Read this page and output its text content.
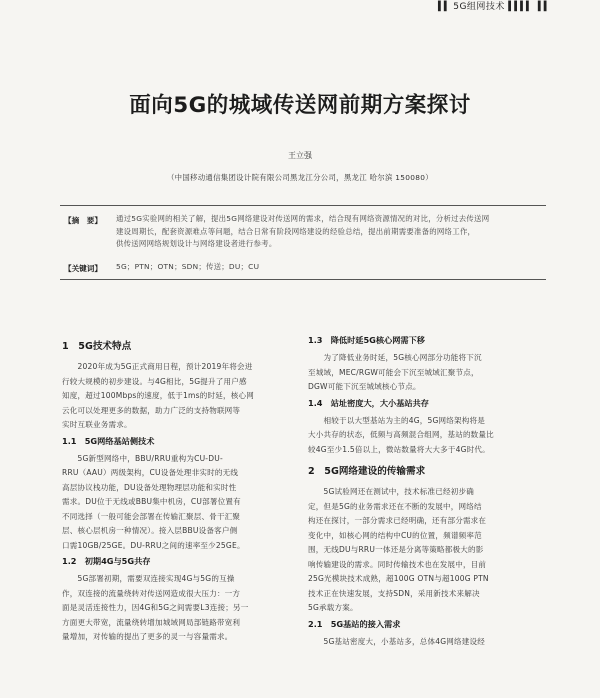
▌▌ 5G组网技术 ▌▌▌▌ ▌▌
面向5G的城域传送网前期方案探讨
王立强
（中国移动通信集团设计院有限公司黑龙江分公司，黑龙江 哈尔滨 150080）
【摘　要】 通过5G实验网的相关了解，提出5G网络建设对传送网的需求，结合现有网络资源情况的对比，分析过去传送网
建设周期长，配套资源难点等问题，结合日常有阶段网络建设的经验总结，提出前期需要准备的网络工作，
供传送网网络规划设计与网络建设者进行参考。
【关键词】 5G；PTN；OTN；SDN；传送；DU；CU
1　5G技术特点
　　2020年成为5G正式商用日程，预计2019年将会进
行较大规模的初步建设。与4G相比，5G提升了用户感
知度，超过100Mbps的速度，低于1ms的时延，核心网
云化可以处理更多的数据，助力广泛的支持物联网等
实时互联业务需求。
1.1　5G网络基站侧技术
　　5G新型网络中，BBU/RRU重构为CU-DU-
RRU（AAU）两级架构，CU设备处理非实时的无线
高层协议栈功能，DU设备处理物理层功能和实时性
需求。DU位于无线或BBU集中机房，CU部署位置有
不同选择（一般可能会部署在传输汇聚层、骨干汇聚
层、核心层机房一种情况）。接入层BBU设备客户侧
口需10GB/25GE。DU-RRU之间的速率至少25GE。
1.2　初期4G与5G共存
　　5G部署初期，需要双连接实现4G与5G的互操
作，双连接的流量绕转对传送网造成很大压力：一方
面是灵活连接性力，因4G和5G之间需要L3连接；另一
方面更大带宽，流量绕转增加城域网局部链路带宽利
量增加，对传输的提出了更多的灵一与容量需求。
1.3　降低时延5G核心网需下移
　　为了降低业务时延，5G核心网部分功能将下沉
至城域，MEC/RGW可能会下沉至城域汇聚节点，
DGW可能下沉至城域核心节点。
1.4　站址密度大，大小基站共存
　　相较于以大型基站为主的4G，5G网络架构将是
大小共存的状态，低频与高频混合组网，基站的数量比
较4G至少1.5倍以上，微站数量将大大多于4G时代。
2　5G网络建设的传输需求
　　5G试验网还在测试中，技术标准已经初步确
定，但是5G的业务需求还在不断的发展中，网络结
构还在探讨，一部分需求已经明确，还有部分需求在
变化中，如核心网的结构中CU的位置，频谱频率范
围，无线DU与RRU一体还是分离等策略都极大的影
响传输建设的需求。同时传输技术也在发展中，目前
25G光模块技术成熟，超100G OTN与超100G PTN
技术正在快速发展，支持SDN，采用新技术来解决
5G承载方案。
2.1　5G基站的接入需求
　　5G基站密度大，小基站多，总体4G网络建设经
